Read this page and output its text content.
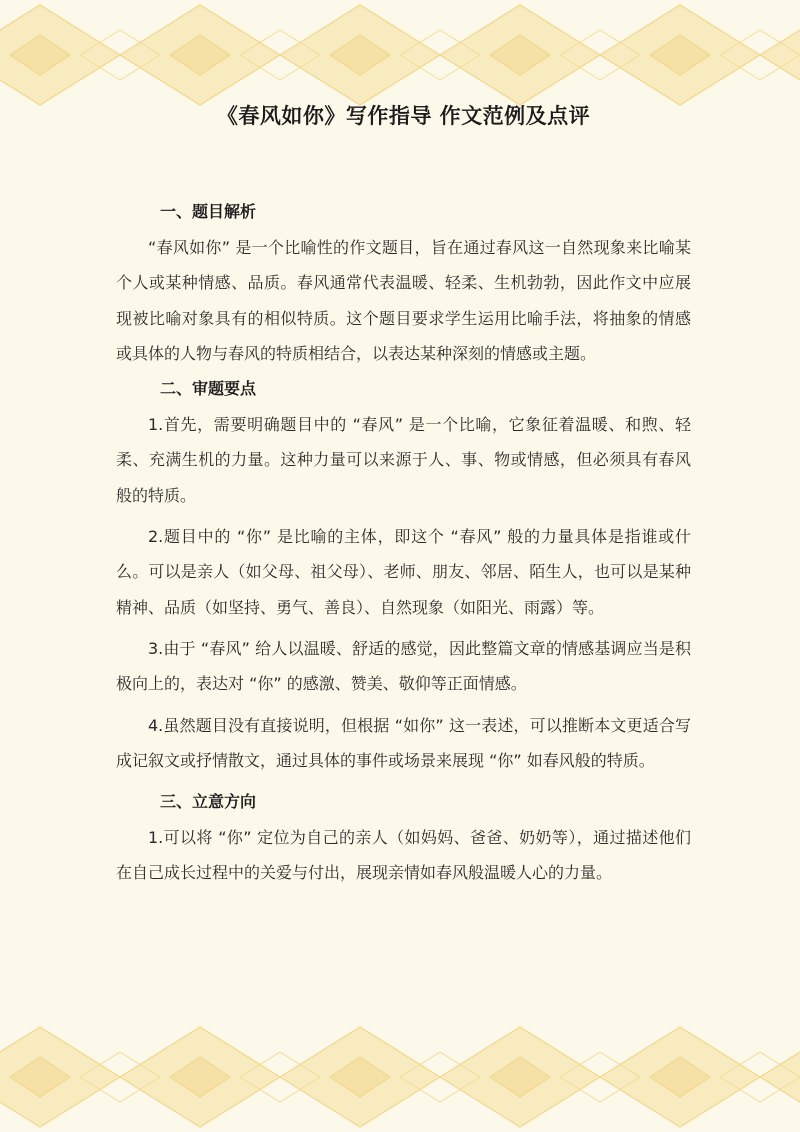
《春风如你》写作指导 作文范例及点评
一、题目解析

“春风如你” 是一个比喻性的作文题目，旨在通过春风这一自然现象来比喻某个人或某种情感、品质。春风通常代表温暖、轻柔、生机勃勃，因此作文中应展现被比喻对象具有的相似特质。这个题目要求学生运用比喻手法，将抽象的情感或具体的人物与春风的特质相结合，以表达某种深刻的情感或主题。

二、审题要点

1.首先，需要明确题目中的 “春风” 是一个比喻，它象征着温暖、和煦、轻柔、充满生机的力量。这种力量可以来源于人、事、物或情感，但必须具有春风般的特质。

2.题目中的 “你” 是比喻的主体，即这个 “春风” 般的力量具体是指谁或什么。可以是亲人（如父母、祖父母）、老师、朋友、邻居、陌生人，也可以是某种精神、品质（如坚持、勇气、善良）、自然现象（如阳光、雨露）等。

3.由于 “春风” 给人以温暖、舒适的感觉，因此整篇文章的情感基调应当是积极向上的，表达对 “你” 的感激、赞美、敬仰等正面情感。

4.虽然题目没有直接说明，但根据 “如你” 这一表述，可以推断本文更适合写成记叙文或抒情散文，通过具体的事件或场景来展现 “你” 如春风般的特质。

三、立意方向

1.可以将 “你” 定位为自己的亲人（如妈妈、爸爸、奶奶等），通过描述他们在自己成长过程中的关爱与付出，展现亲情如春风般温暖人心的力量。
